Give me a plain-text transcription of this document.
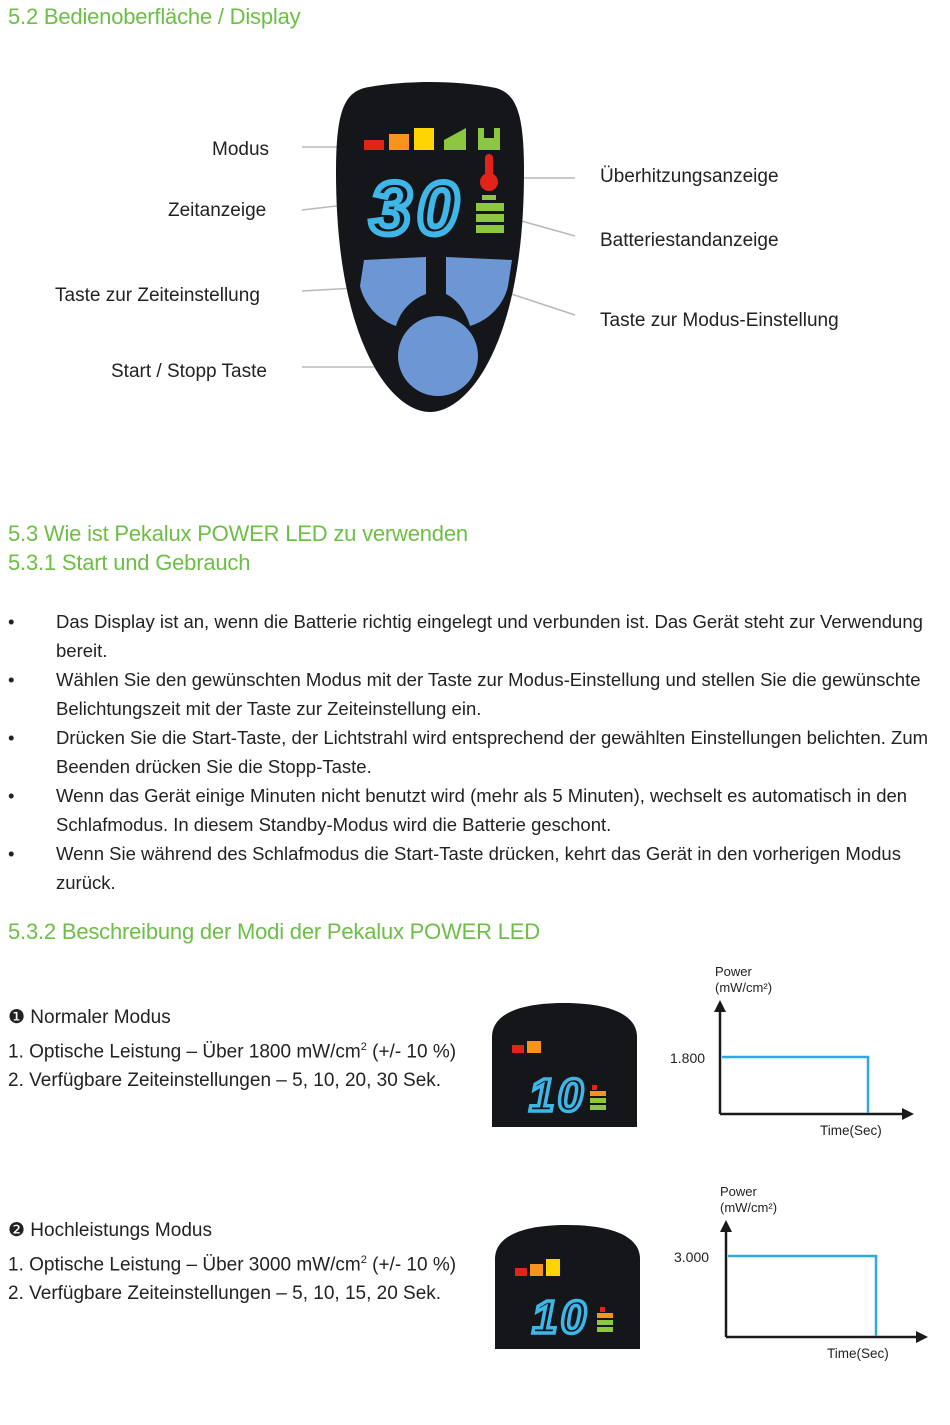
5.2 Bedienoberfläche / Display
Modus
Zeitanzeige
Taste zur Zeiteinstellung
Start / Stopp Taste
Überhitzungsanzeige
Batteriestandanzeige
Taste zur Modus-Einstellung
30
5.3 Wie ist Pekalux POWER LED zu verwenden
5.3.1 Start und Gebrauch
• Das Display ist an, wenn die Batterie richtig eingelegt und verbunden ist. Das Gerät steht zur Verwendung bereit.
• Wählen Sie den gewünschten Modus mit der Taste zur Modus-Einstellung und stellen Sie die gewünschte Belichtungszeit mit der Taste zur Zeiteinstellung ein.
• Drücken Sie die Start-Taste, der Lichtstrahl wird entsprechend der gewählten Einstellungen belichten. Zum Beenden drücken Sie die Stopp-Taste.
• Wenn das Gerät einige Minuten nicht benutzt wird (mehr als 5 Minuten), wechselt es automatisch in den Schlafmodus. In diesem Standby-Modus wird die Batterie geschont.
• Wenn Sie während des Schlafmodus die Start-Taste drücken, kehrt das Gerät in den vorherigen Modus zurück.
5.3.2 Beschreibung der Modi der Pekalux POWER LED
❶ Normaler Modus
1. Optische Leistung – Über 1800 $mW/cm^2$ (+/- 10 %)
2. Verfügbare Zeiteinstellungen – 5, 10, 20, 30 Sek.	10
Power
(mW/cm²)
1.800
Time(Sec)
❷ Hochleistungs Modus
1. Optische Leistung – Über 3000 $mW/cm^2$ (+/- 10 %)
2. Verfügbare Zeiteinstellungen – 5, 10, 15, 20 Sek.	10
Power
(mW/cm²)
3.000
Time(Sec)
